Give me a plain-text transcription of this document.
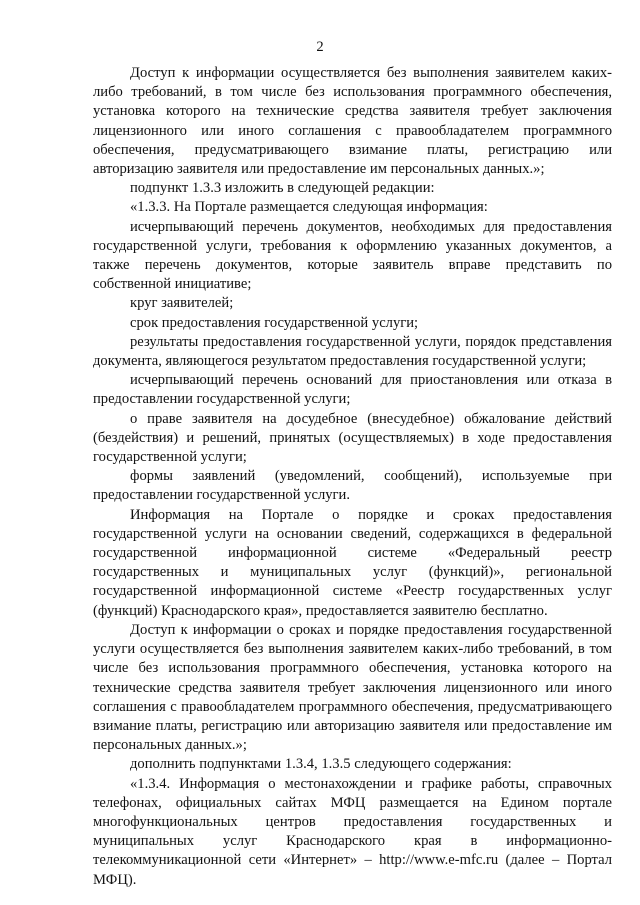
2

Доступ к информации осуществляется без выполнения заявителем каких-либо требований, в том числе без использования программного обеспечения, установка которого на технические средства заявителя требует заключения лицензионного или иного соглашения с правообладателем программного обеспечения, предусматривающего взимание платы, регистрацию или авторизацию заявителя или предоставление им персональных данных.»;

подпункт 1.3.3 изложить в следующей редакции:

«1.3.3. На Портале размещается следующая информация:

исчерпывающий перечень документов, необходимых для предоставления государственной услуги, требования к оформлению указанных документов, а также перечень документов, которые заявитель вправе представить по собственной инициативе;

круг заявителей;

срок предоставления государственной услуги;

результаты предоставления государственной услуги, порядок представления документа, являющегося результатом предоставления государственной услуги;

исчерпывающий перечень оснований для приостановления или отказа в предоставлении государственной услуги;

о праве заявителя на досудебное (внесудебное) обжалование действий (бездействия) и решений, принятых (осуществляемых) в ходе предоставления государственной услуги;

формы заявлений (уведомлений, сообщений), используемые при предоставлении государственной услуги.

Информация на Портале о порядке и сроках предоставления государственной услуги на основании сведений, содержащихся в федеральной государственной информационной системе «Федеральный реестр государственных и муниципальных услуг (функций)», региональной государственной информационной системе «Реестр государственных услуг (функций) Краснодарского края», предоставляется заявителю бесплатно.

Доступ к информации о сроках и порядке предоставления государственной услуги осуществляется без выполнения заявителем каких-либо требований, в том числе без использования программного обеспечения, установка которого на технические средства заявителя требует заключения лицензионного или иного соглашения с правообладателем программного обеспечения, предусматривающего взимание платы, регистрацию или авторизацию заявителя или предоставление им персональных данных.»;

дополнить подпунктами 1.3.4, 1.3.5 следующего содержания:

«1.3.4. Информация о местонахождении и графике работы, справочных телефонах, официальных сайтах МФЦ размещается на Едином портале многофункциональных центров предоставления государственных и муниципальных услуг Краснодарского края в информационно-телекоммуникационной сети «Интернет» – http://www.e-mfc.ru (далее – Портал МФЦ).
